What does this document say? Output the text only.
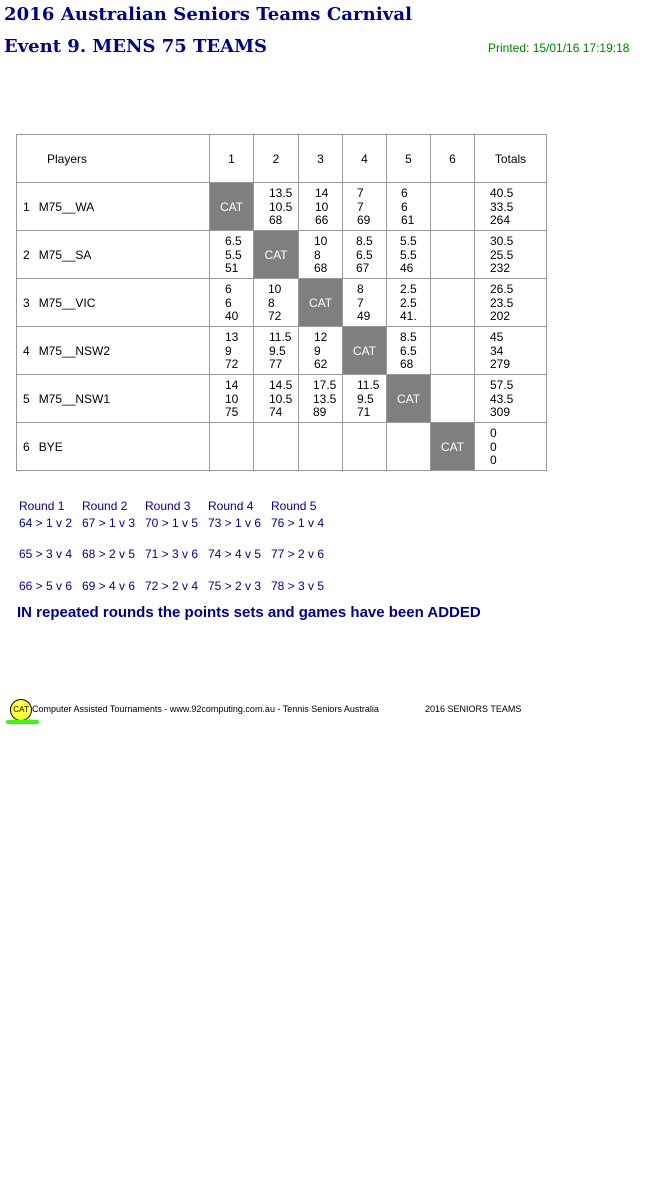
2016 Australian Seniors Teams Carnival
Event 9. MENS 75 TEAMS	Printed: 15/01/16 17:19:18
Players	1	2	3	4	5	6	Totals
1 M75__WA	CAT	13.5
10.5
68	14
10
66	7
7
69	6
6
61		40.5
33.5
264

2 M75__SA	6.5
5.5
51	CAT	10
8
68	8.5
6.5
67	5.5
5.5
46		30.5
25.5
232

3 M75__VIC	6
6
40	10
8
72	CAT	8
7
49	2.5
2.5
41.		26.5
23.5
202

4 M75__NSW2	13
9
72	11.5
9.5
77	12
9
62	CAT	8.5
6.5
68		45
34
279

5 M75__NSW1	14
10
75	14.5
10.5
74	17.5
13.5
89	11.5
9.5
71	CAT		57.5
43.5
309

6 BYE						CAT	0
0
0
Round 1 Round 2 Round 3 Round 4 Round 5
64 > 1 v 2 67 > 1 v 3 70 > 1 v 5 73 > 1 v 6 76 > 1 v 4
65 > 3 v 4 68 > 2 v 5 71 > 3 v 6 74 > 4 v 5 77 > 2 v 6
66 > 5 v 6 69 > 4 v 6 72 > 2 v 4 75 > 2 v 3 78 > 3 v 5
IN repeated rounds the points sets and games have been ADDED
CAT Computer Assisted Tournaments - www.92computing.com.au - Tennis Seniors Australia	2016 SENIORS TEAMS
